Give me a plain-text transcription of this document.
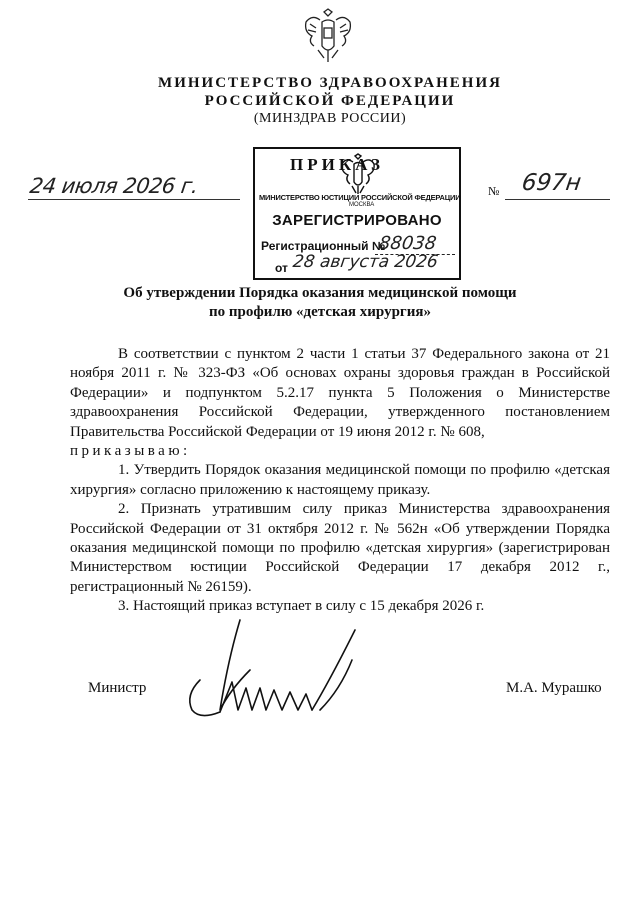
МИНИСТЕРСТВО ЗДРАВООХРАНЕНИЯ
РОССИЙСКОЙ ФЕДЕРАЦИИ
(МИНЗДРАВ РОССИИ)
24 июля 2026 г.	№ 697н
ПРИКАЗ
МИНИСТЕРСТВО ЮСТИЦИИ РОССИЙСКОЙ ФЕДЕРАЦИИ
МОСКВА
ЗАРЕГИСТРИРОВАНО
Регистрационный №
88038
от 28 августа 2026
Об утверждении Порядка оказания медицинской помощи
по профилю «детская хирургия»

В соответствии с пунктом 2 части 1 статьи 37 Федерального закона от 21 ноября 2011 г. № 323-ФЗ «Об основах охраны здоровья граждан в Российской Федерации» и подпунктом 5.2.17 пункта 5 Положения о Министерстве здравоохранения Российской Федерации, утвержденного постановлением Правительства Российской Федерации от 19 июня 2012 г. № 608,

приказываю:

1. Утвердить Порядок оказания медицинской помощи по профилю «детская хирургия» согласно приложению к настоящему приказу.

2. Признать утратившим силу приказ Министерства здравоохранения Российской Федерации от 31 октября 2012 г. № 562н «Об утверждении Порядка оказания медицинской помощи по профилю «детская хирургия» (зарегистрирован Министерством юстиции Российской Федерации 17 декабря 2012 г., регистрационный № 26159).

3. Настоящий приказ вступает в силу с 15 декабря 2026 г.

Министр	М.А. Мурашко
